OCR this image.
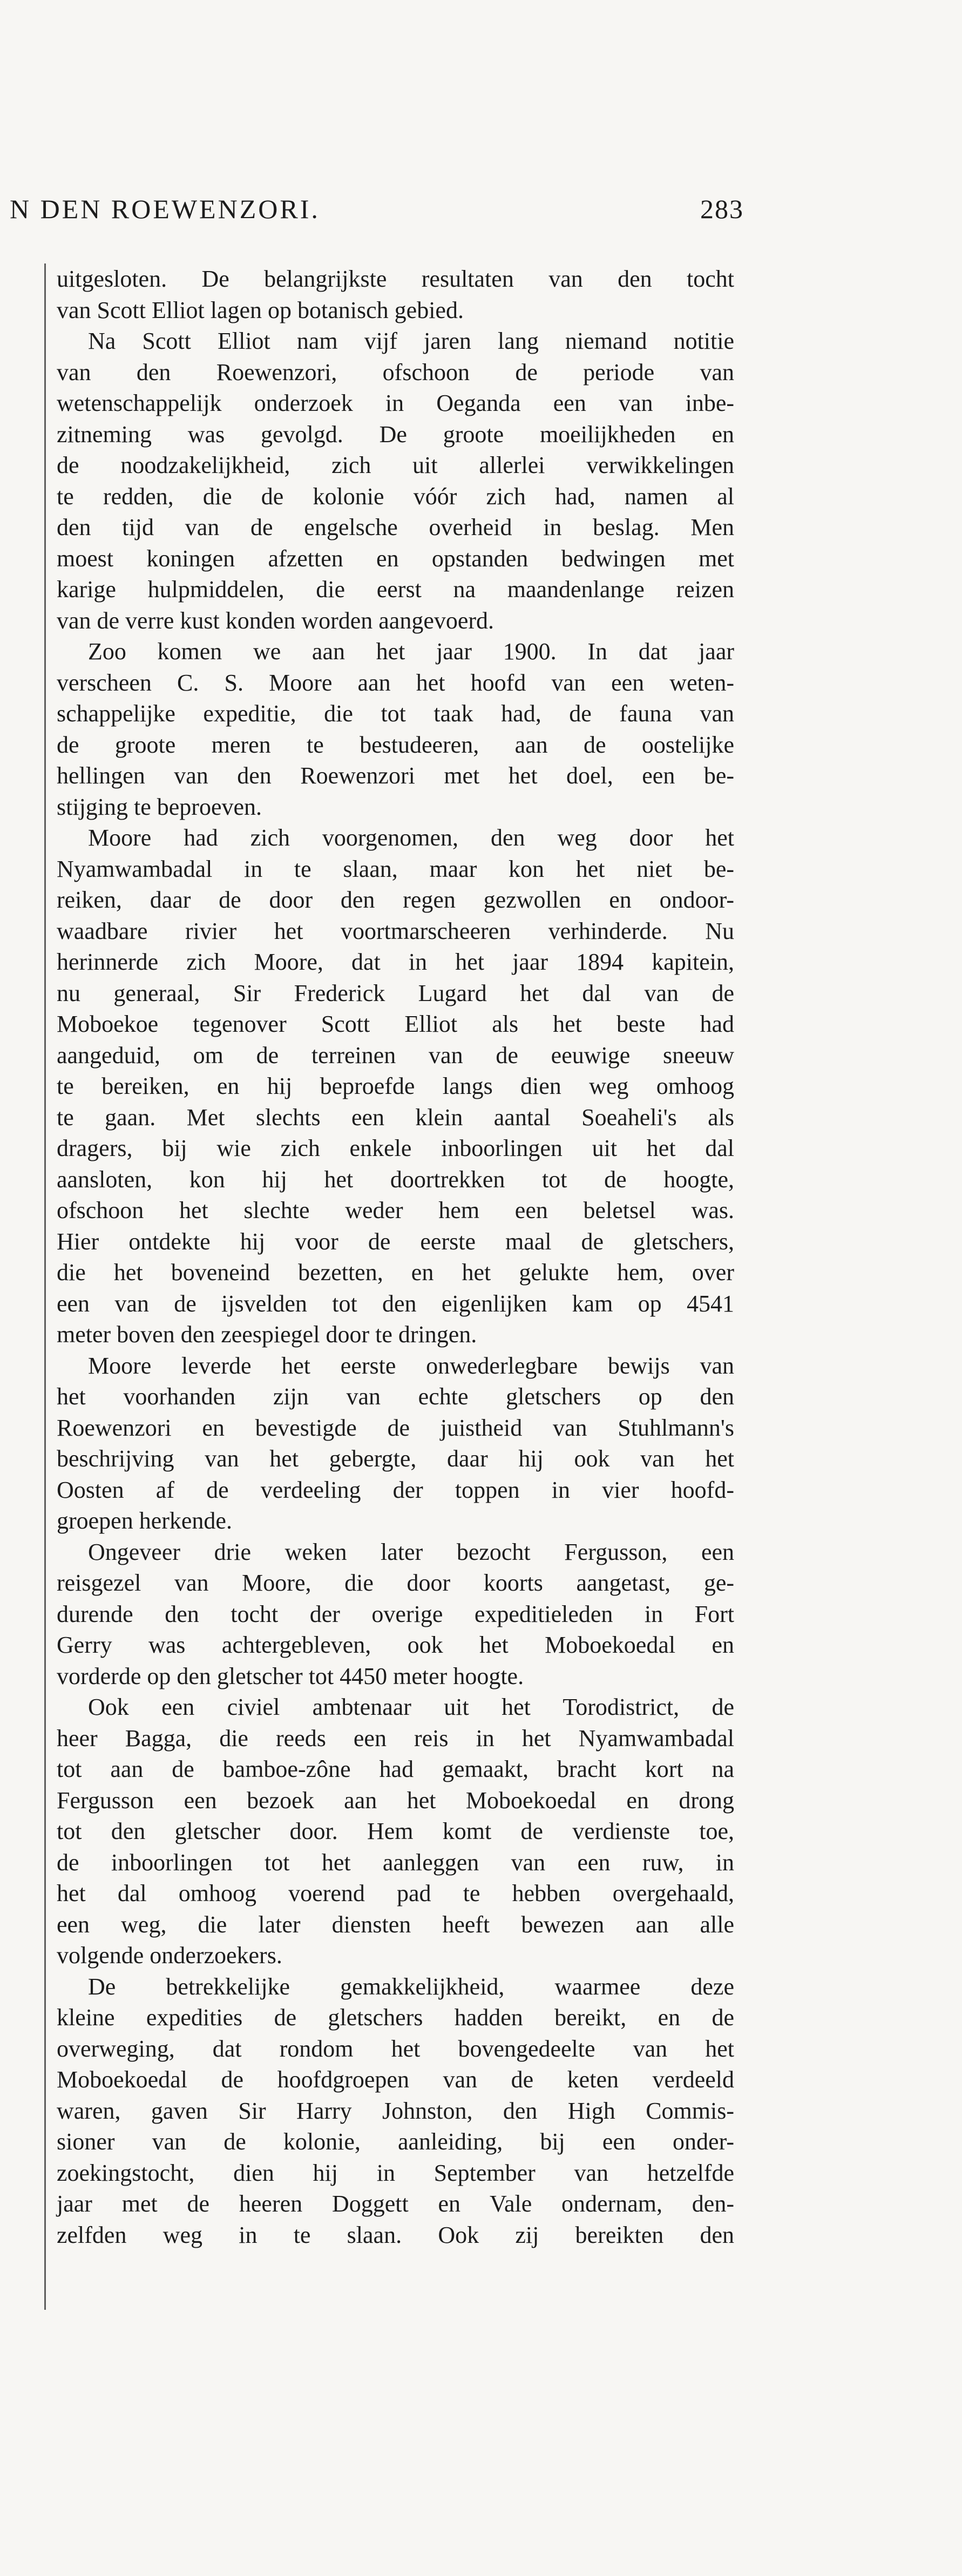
N DEN ROEWENZORI.	283
uitgesloten. De belangrijkste resultaten van den tocht
van Scott Elliot lagen op botanisch gebied.
Na Scott Elliot nam vijf jaren lang niemand notitie
van den Roewenzori, ofschoon de periode van
wetenschappelijk onderzoek in Oeganda een van inbe-
zitneming was gevolgd. De groote moeilijkheden en
de noodzakelijkheid, zich uit allerlei verwikkelingen
te redden, die de kolonie vóór zich had, namen al
den tijd van de engelsche overheid in beslag. Men
moest koningen afzetten en opstanden bedwingen met
karige hulpmiddelen, die eerst na maandenlange reizen
van de verre kust konden worden aangevoerd.
Zoo komen we aan het jaar 1900. In dat jaar
verscheen C. S. Moore aan het hoofd van een weten-
schappelijke expeditie, die tot taak had, de fauna van
de groote meren te bestudeeren, aan de oostelijke
hellingen van den Roewenzori met het doel, een be-
stijging te beproeven.
Moore had zich voorgenomen, den weg door het
Nyamwambadal in te slaan, maar kon het niet be-
reiken, daar de door den regen gezwollen en ondoor-
waadbare rivier het voortmarscheeren verhinderde. Nu
herinnerde zich Moore, dat in het jaar 1894 kapitein,
nu generaal, Sir Frederick Lugard het dal van de
Moboekoe tegenover Scott Elliot als het beste had
aangeduid, om de terreinen van de eeuwige sneeuw
te bereiken, en hij beproefde langs dien weg omhoog
te gaan. Met slechts een klein aantal Soeaheli's als
dragers, bij wie zich enkele inboorlingen uit het dal
aansloten, kon hij het doortrekken tot de hoogte,
ofschoon het slechte weder hem een beletsel was.
Hier ontdekte hij voor de eerste maal de gletschers,
die het boveneind bezetten, en het gelukte hem, over
een van de ijsvelden tot den eigenlijken kam op 4541
meter boven den zeespiegel door te dringen.
Moore leverde het eerste onwederlegbare bewijs van
het voorhanden zijn van echte gletschers op den
Roewenzori en bevestigde de juistheid van Stuhlmann's
beschrijving van het gebergte, daar hij ook van het
Oosten af de verdeeling der toppen in vier hoofd-
groepen herkende.
Ongeveer drie weken later bezocht Fergusson, een
reisgezel van Moore, die door koorts aangetast, ge-
durende den tocht der overige expeditieleden in Fort
Gerry was achtergebleven, ook het Moboekoedal en
vorderde op den gletscher tot 4450 meter hoogte.
Ook een civiel ambtenaar uit het Torodistrict, de
heer Bagga, die reeds een reis in het Nyamwambadal
tot aan de bamboe-zône had gemaakt, bracht kort na
Fergusson een bezoek aan het Moboekoedal en drong
tot den gletscher door. Hem komt de verdienste toe,
de inboorlingen tot het aanleggen van een ruw, in
het dal omhoog voerend pad te hebben overgehaald,
een weg, die later diensten heeft bewezen aan alle
volgende onderzoekers.
De betrekkelijke gemakkelijkheid, waarmee deze
kleine expedities de gletschers hadden bereikt, en de
overweging, dat rondom het bovengedeelte van het
Moboekoedal de hoofdgroepen van de keten verdeeld
waren, gaven Sir Harry Johnston, den High Commis-
sioner van de kolonie, aanleiding, bij een onder-
zoekingstocht, dien hij in September van hetzelfde
jaar met de heeren Doggett en Vale ondernam, den-
zelfden weg in te slaan. Ook zij bereikten den
